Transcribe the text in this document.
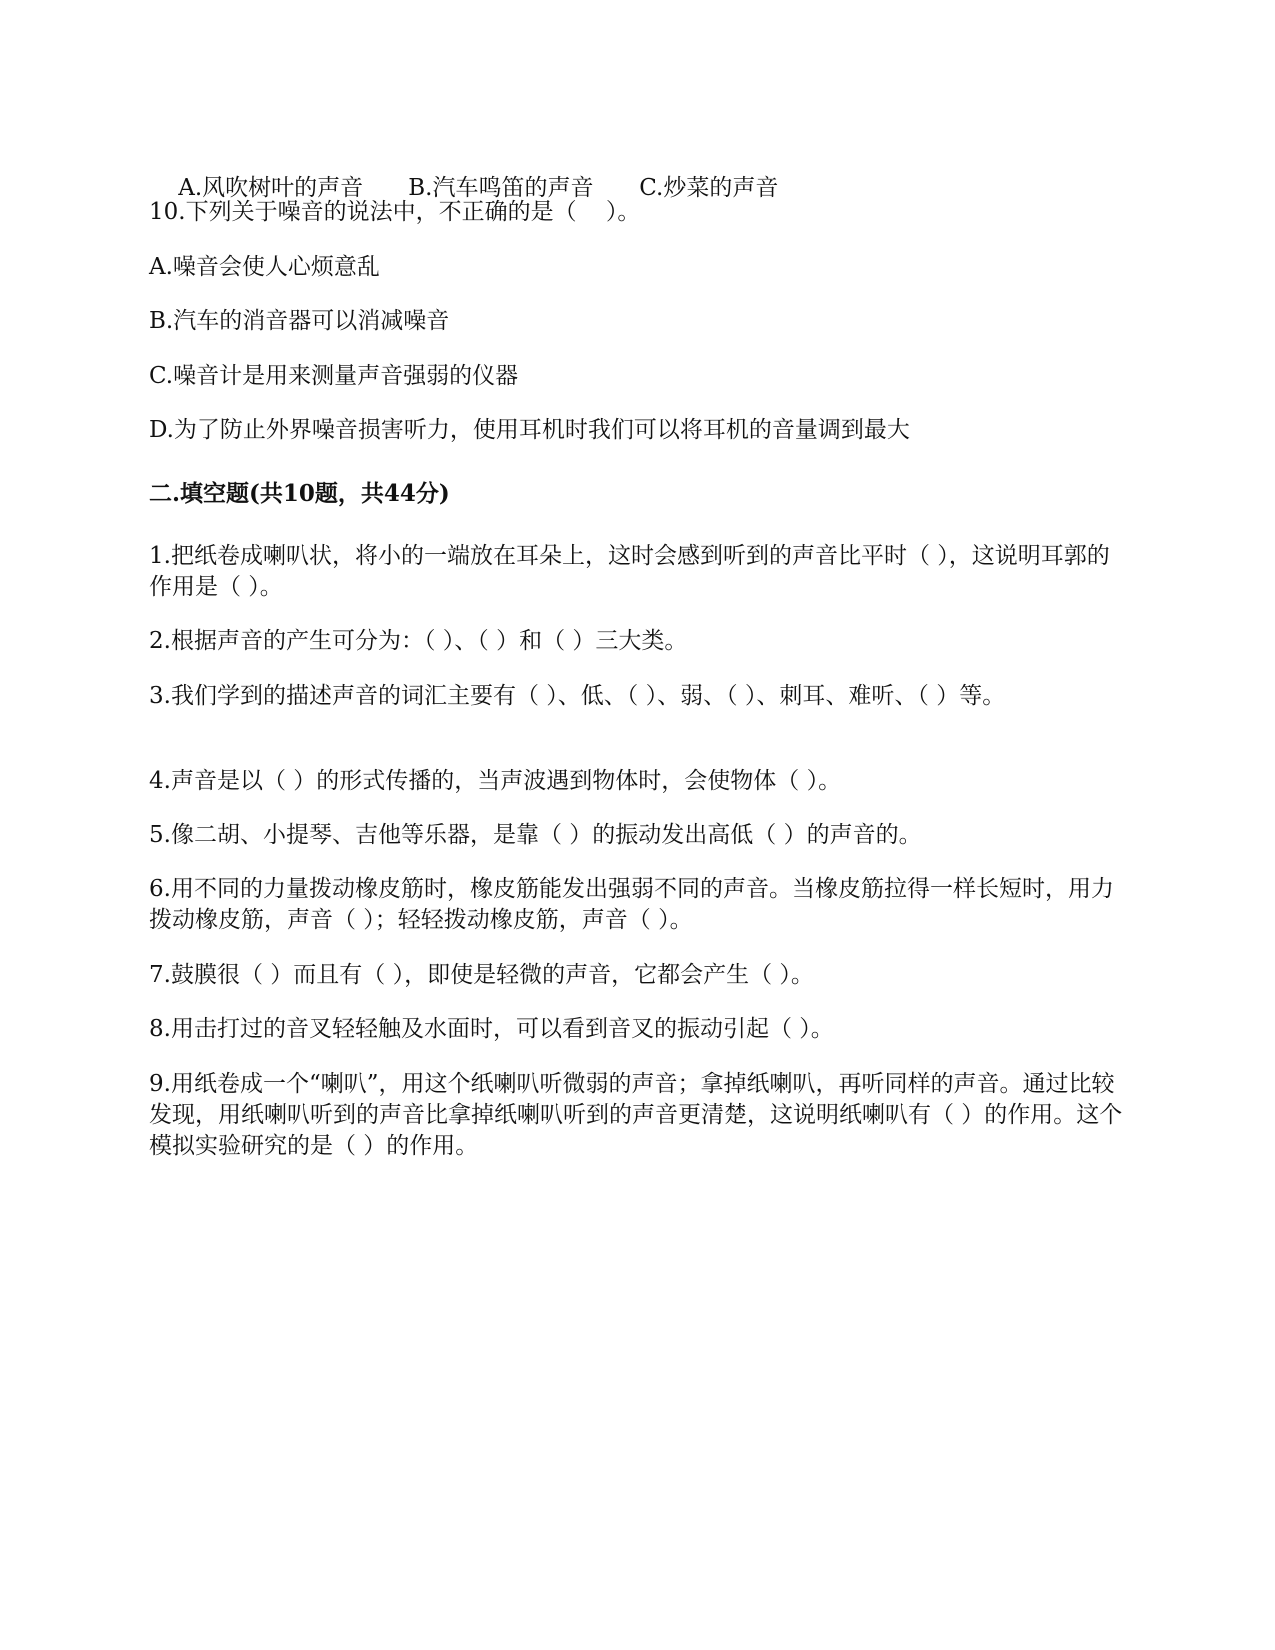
A.风吹树叶的声音 B.汽车鸣笛的声音 C.炒菜的声音

10.下列关于噪音的说法中，不正确的是（    ）。

A.噪音会使人心烦意乱

B.汽车的消音器可以消减噪音

C.噪音计是用来测量声音强弱的仪器

D.为了防止外界噪音损害听力，使用耳机时我们可以将耳机的音量调到最大

二.填空题(共10题，共44分)

1.把纸卷成喇叭状，将小的一端放在耳朵上，这时会感到听到的声音比平时（ ），这说明耳郭的作用是（ ）。

2.根据声音的产生可分为：（ ）、（ ）和（ ）三大类。

3.我们学到的描述声音的词汇主要有（ ）、低、（ ）、弱、（ ）、刺耳、难听、（ ）等。

4.声音是以（ ）的形式传播的，当声波遇到物体时，会使物体（ ）。

5.像二胡、小提琴、吉他等乐器，是靠（ ）的振动发出高低（ ）的声音的。

6.用不同的力量拨动橡皮筋时，橡皮筋能发出强弱不同的声音。当橡皮筋拉得一样长短时，用力拨动橡皮筋，声音（ ）；轻轻拨动橡皮筋，声音（ ）。

7.鼓膜很（ ）而且有（ ），即使是轻微的声音，它都会产生（ ）。

8.用击打过的音叉轻轻触及水面时，可以看到音叉的振动引起（ ）。

9.用纸卷成一个“喇叭”，用这个纸喇叭听微弱的声音；拿掉纸喇叭，再听同样的声音。通过比较发现，用纸喇叭听到的声音比拿掉纸喇叭听到的声音更清楚，这说明纸喇叭有（ ）的作用。这个模拟实验研究的是（ ）的作用。
